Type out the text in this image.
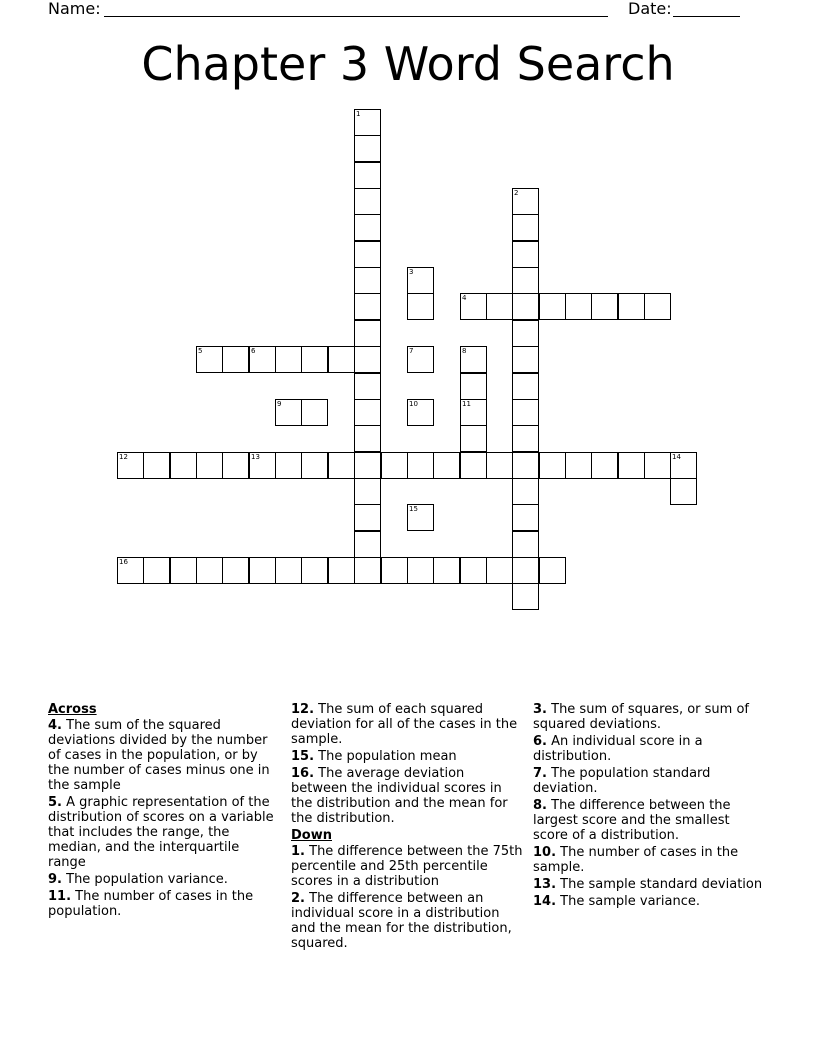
Name:	Date:
Chapter 3 Word Search
1
2
3
4
5	6	7	8
11
9	10
12	13	14
15
16
Across
4. The sum of the squared deviations divided by the number of cases in the population, or by the number of cases minus one in the sample
5. A graphic representation of the distribution of scores on a variable that includes the range, the median, and the interquartile range
9. The population variance.
11. The number of cases in the population.
12. The sum of each squared deviation for all of the cases in the sample.
15. The population mean
16. The average deviation between the individual scores in the distribution and the mean for the distribution.
Down
1. The difference between the 75th percentile and 25th percentile scores in a distribution
2. The difference between an individual score in a distribution and the mean for the distribution, squared.
3. The sum of squares, or sum of squared deviations.
6. An individual score in a distribution.
7. The population standard deviation.
8. The difference between the largest score and the smallest score of a distribution.
10. The number of cases in the sample.
13. The sample standard deviation
14. The sample variance.
